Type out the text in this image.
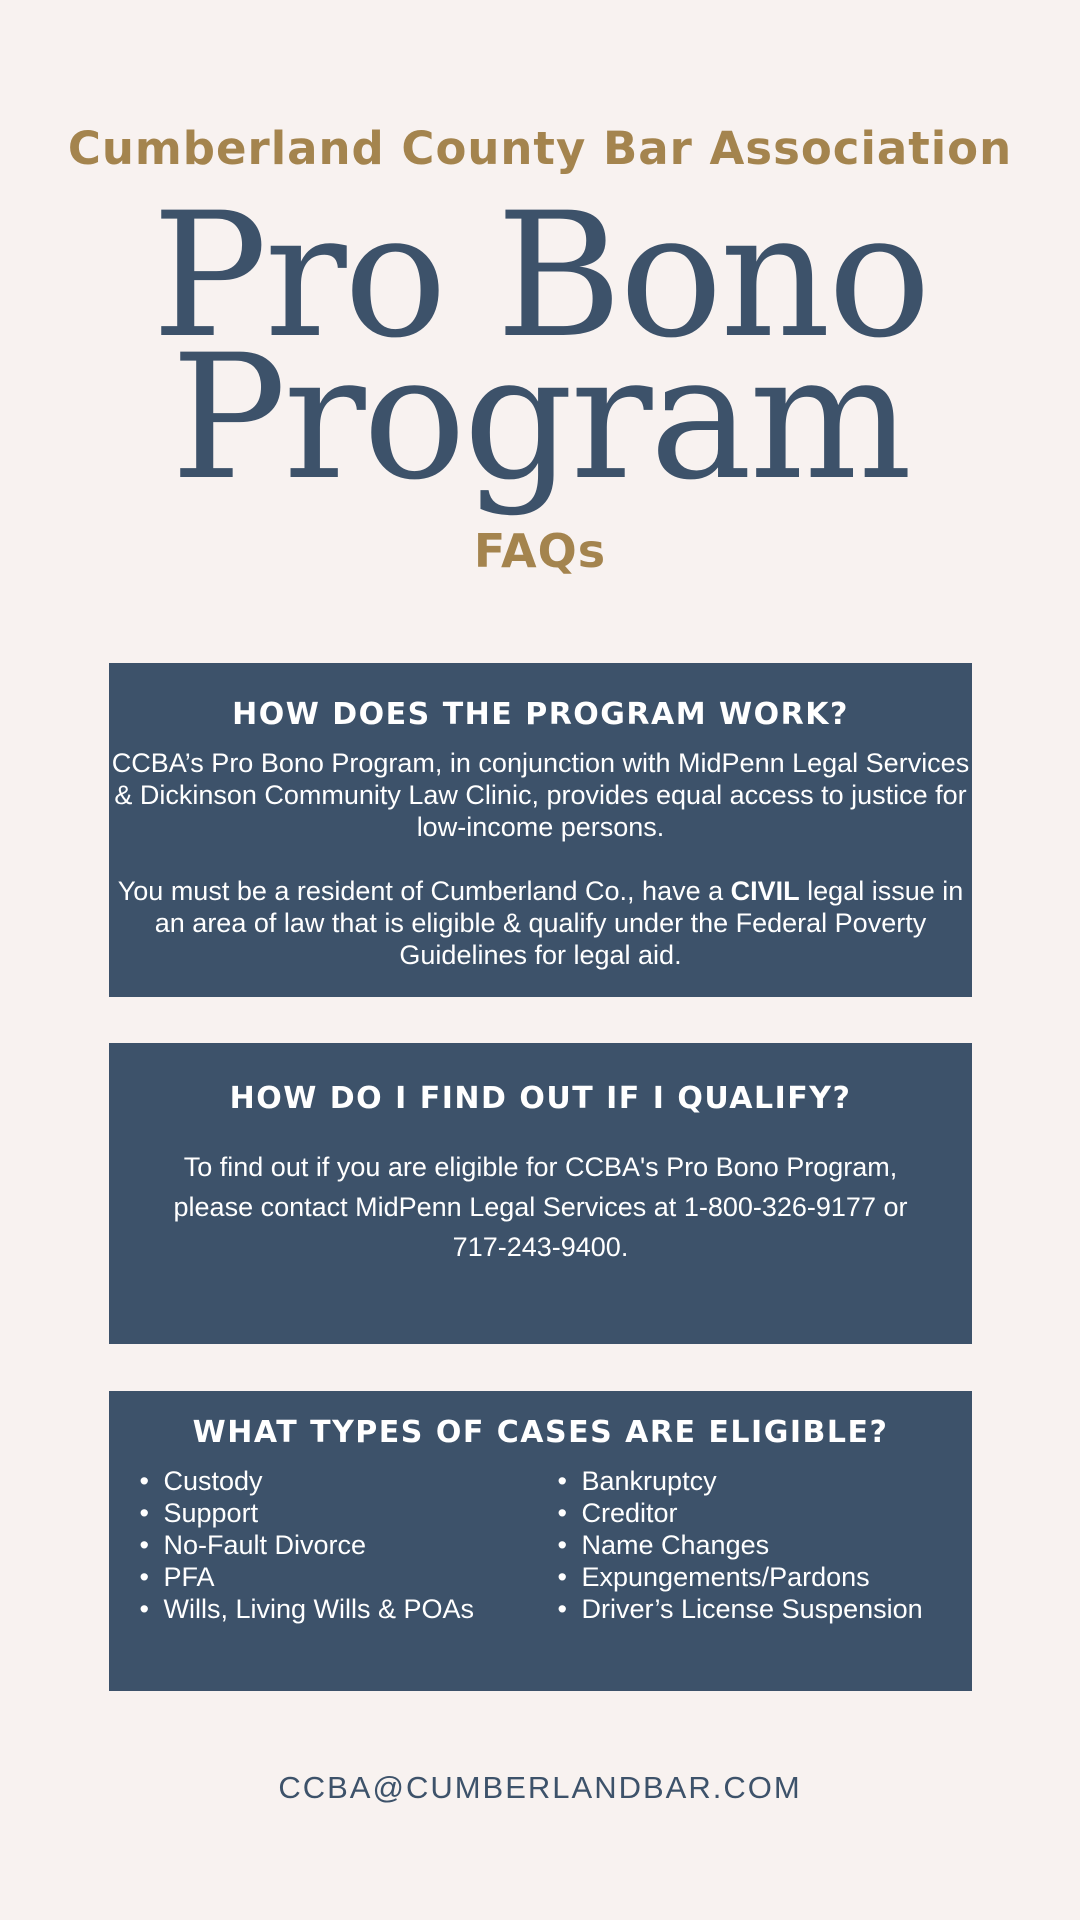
Cumberland County Bar Association
Pro Bono
Program
FAQs
HOW DOES THE PROGRAM WORK?

CCBA’s Pro Bono Program, in conjunction with MidPenn Legal Services & Dickinson Community Law Clinic, provides equal access to justice for low-income persons.

You must be a resident of Cumberland Co., have a CIVIL legal issue in an area of law that is eligible & qualify under the Federal Poverty Guidelines for legal aid.

HOW DO I FIND OUT IF I QUALIFY?

To find out if you are eligible for CCBA's Pro Bono Program, please contact MidPenn Legal Services at 1-800-326-9177 or 717-243-9400.

WHAT TYPES OF CASES ARE ELIGIBLE?
• Custody
• Support
• No-Fault Divorce
• PFA
• Wills, Living Wills & POAs
• Bankruptcy
• Creditor
• Name Changes
• Expungements/Pardons
• Driver’s License Suspension
CCBA@CUMBERLANDBAR.COM
